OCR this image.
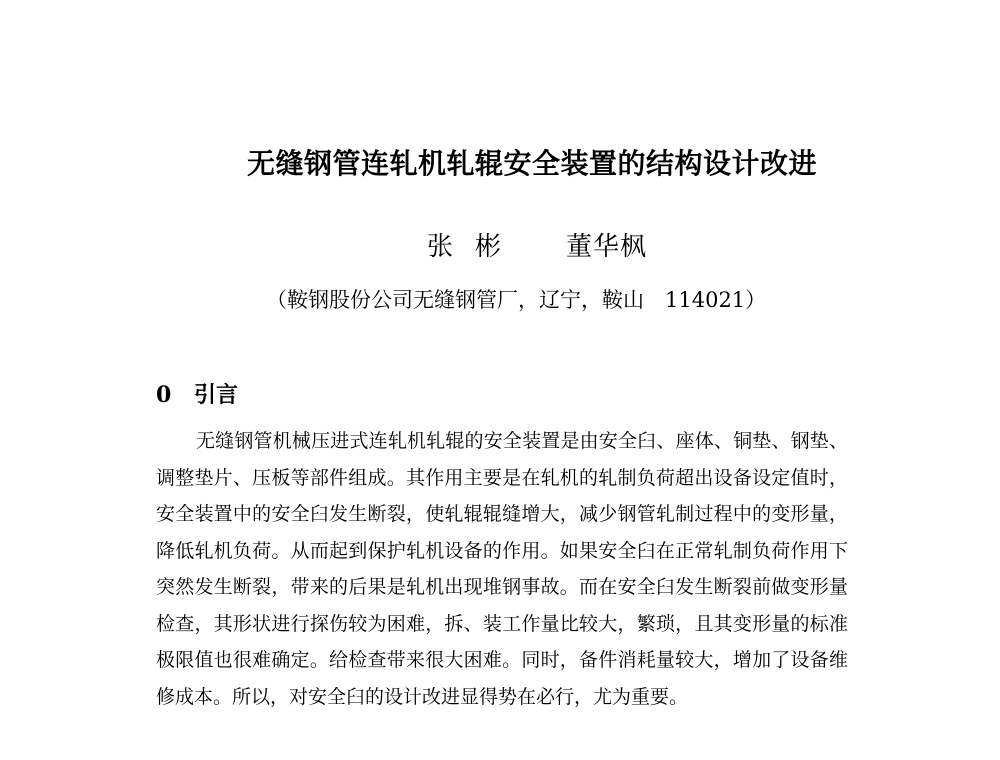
无缝钢管连轧机轧辊安全装置的结构设计改进
张彬 董华枫
（鞍钢股份公司无缝钢管厂，辽宁，鞍山　114021）
0 引言

无缝钢管机械压进式连轧机轧辊的安全装置是由安全臼、座体、铜垫、钢垫、调整垫片、压板等部件组成。其作用主要是在轧机的轧制负荷超出设备设定值时，安全装置中的安全臼发生断裂，使轧辊辊缝增大，减少钢管轧制过程中的变形量，降低轧机负荷。从而起到保护轧机设备的作用。如果安全臼在正常轧制负荷作用下突然发生断裂，带来的后果是轧机出现堆钢事故。而在安全臼发生断裂前做变形量检查，其形状进行探伤较为困难，拆、装工作量比较大，繁琐，且其变形量的标准极限值也很难确定。给检查带来很大困难。同时，备件消耗量较大，增加了设备维修成本。所以，对安全臼的设计改进显得势在必行，尤为重要。
